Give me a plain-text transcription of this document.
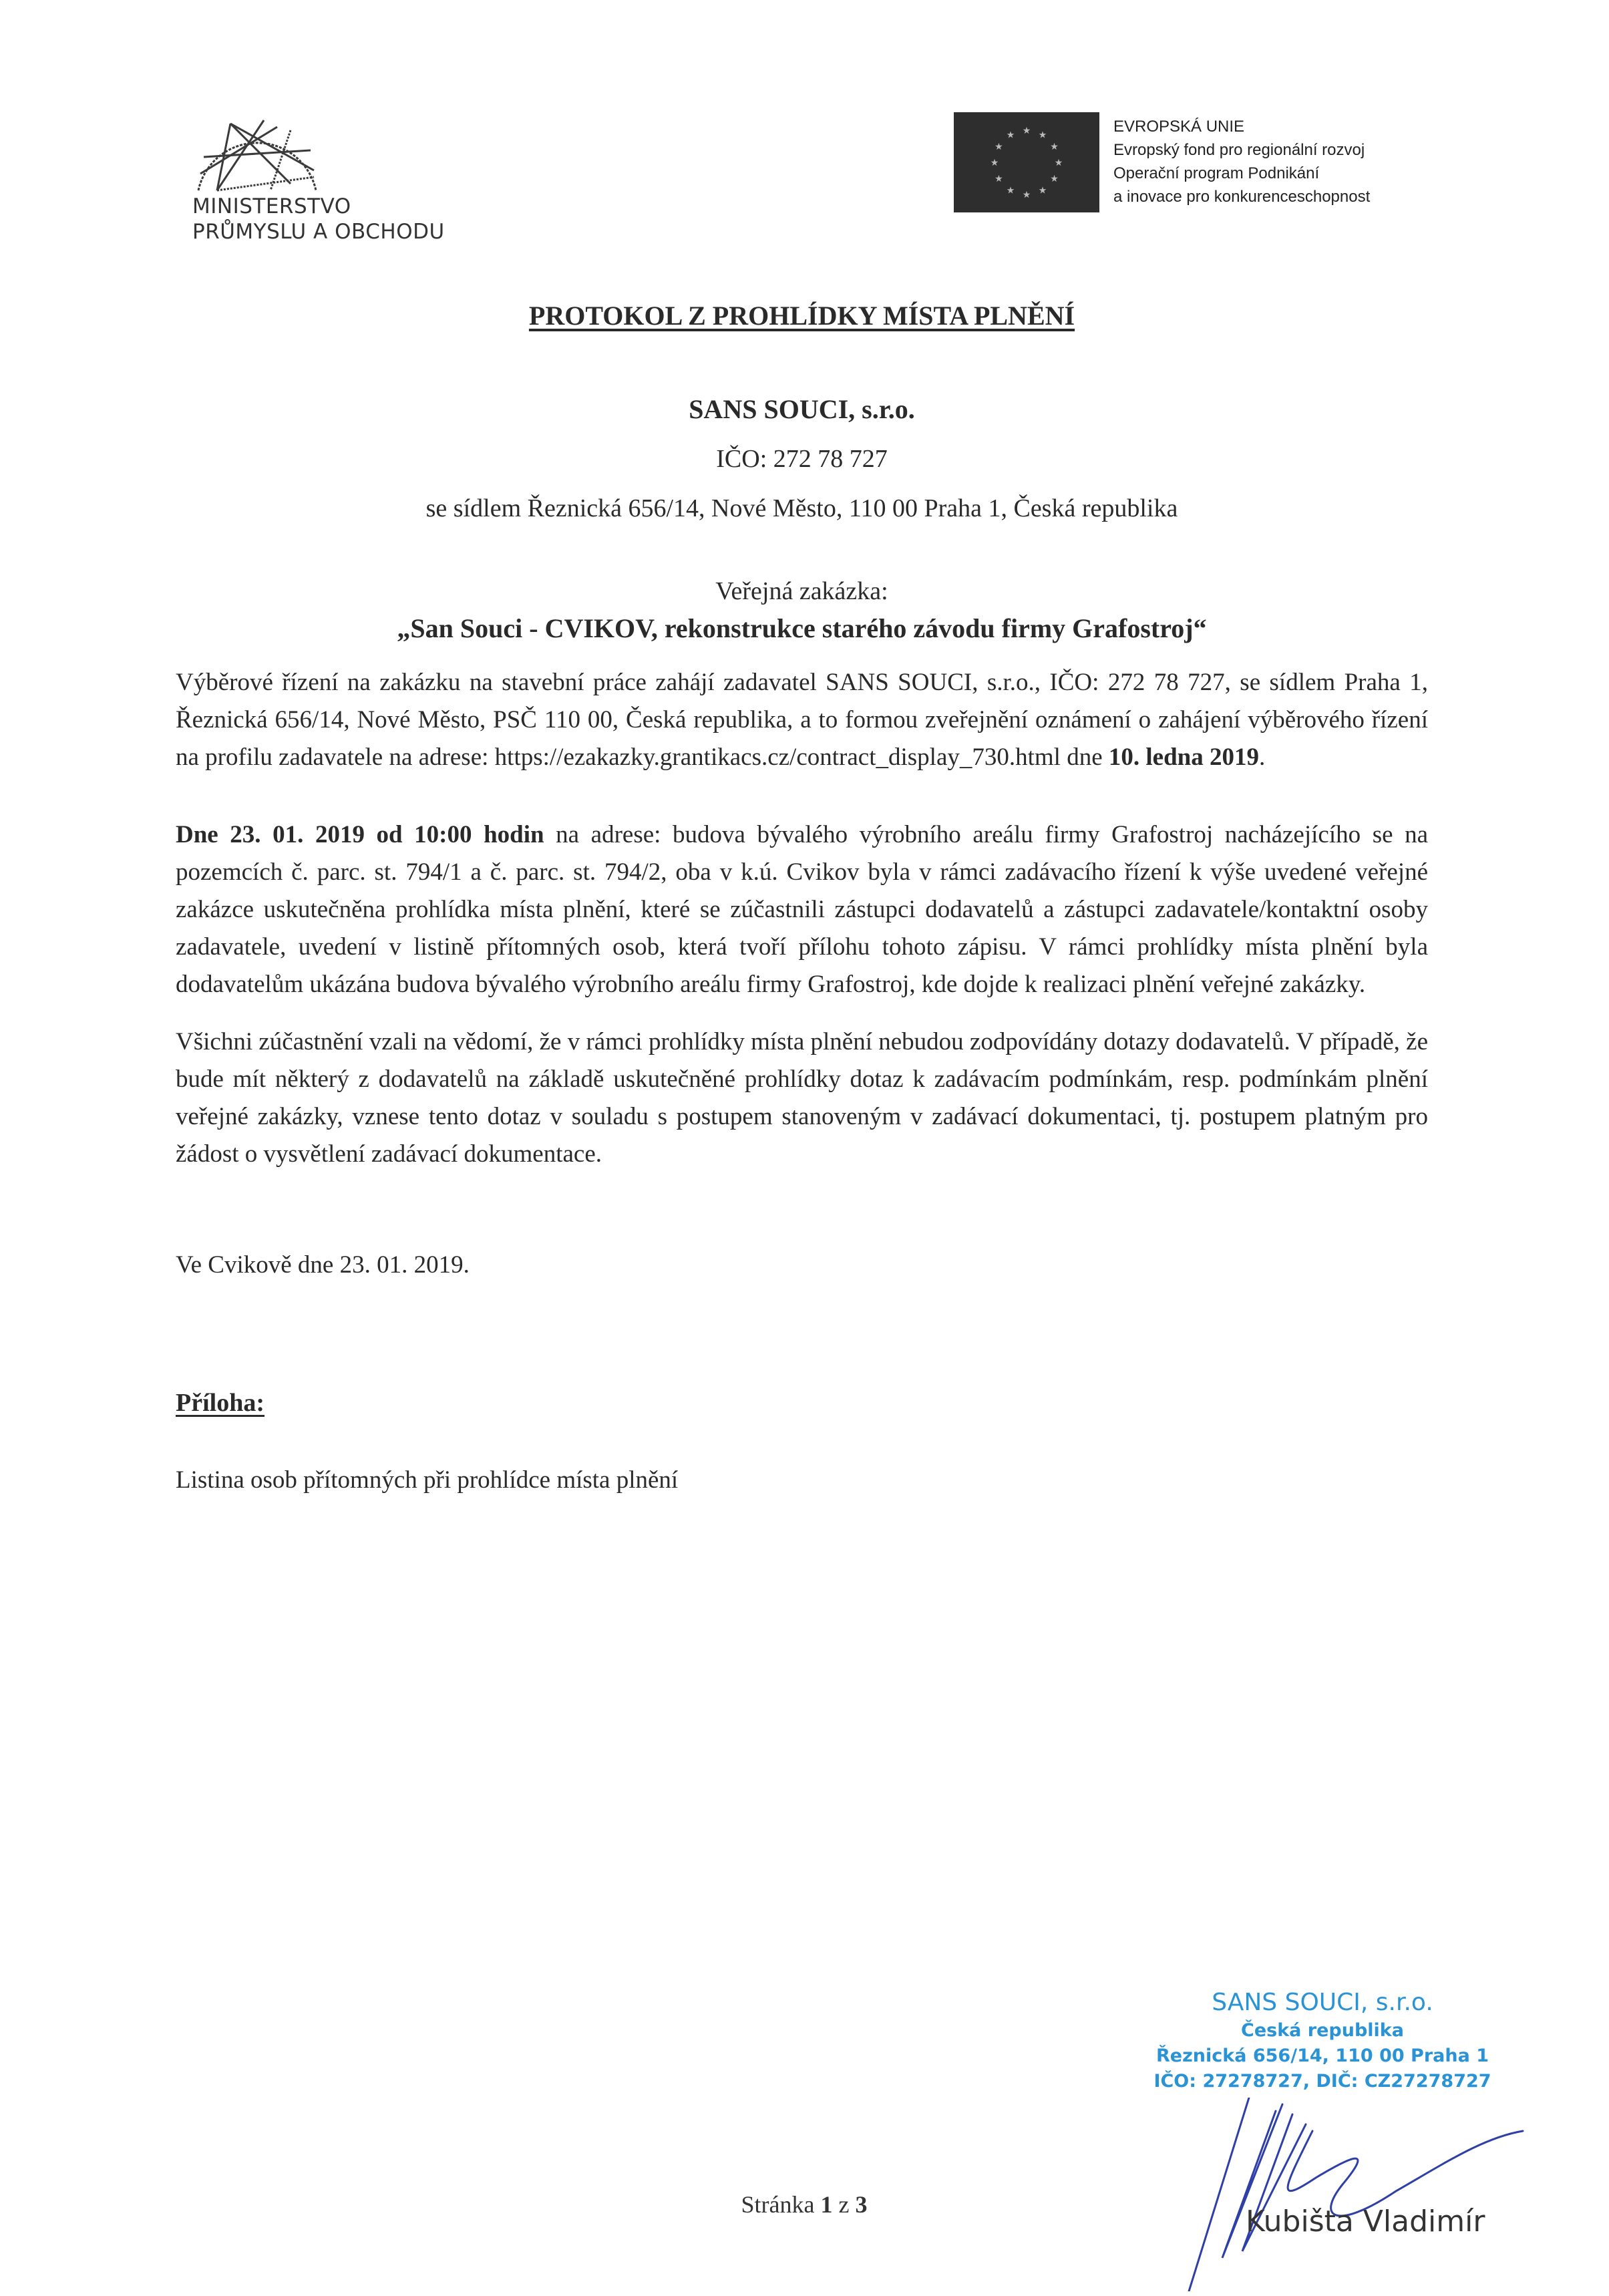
MINISTERSTVO
PRŮMYSLU A OBCHODU
★ ★
★
★
★
★
★
★
★
★
★
★	EVROPSKÁ UNIE
Evropský fond pro regionální rozvoj
Operační program Podnikání
a inovace pro konkurenceschopnost
PROTOKOL Z PROHLÍDKY MÍSTA PLNĚNÍ
SANS SOUCI, s.r.o.
IČO: 272 78 727
se sídlem Řeznická 656/14, Nové Město, 110 00 Praha 1, Česká republika
Veřejná zakázka:
„San Souci - CVIKOV, rekonstrukce starého závodu firmy Grafostroj“
Výběrové řízení na zakázku na stavební práce zahájí zadavatel SANS SOUCI, s.r.o., IČO: 272 78 727, se sídlem Praha 1, Řeznická 656/14, Nové Město, PSČ 110 00, Česká republika, a to formou zveřejnění oznámení o zahájení výběrového řízení na profilu zadavatele na adrese: https://ezakazky.grantikacs.cz/contract_display_730.html dne 10. ledna 2019.
Dne 23. 01. 2019 od 10:00 hodin na adrese: budova bývalého výrobního areálu firmy Grafostroj nacházejícího se na pozemcích č. parc. st. 794/1 a č. parc. st. 794/2, oba v k.ú. Cvikov byla v rámci zadávacího řízení k výše uvedené veřejné zakázce uskutečněna prohlídka místa plnění, které se zúčastnili zástupci dodavatelů a zástupci zadavatele/kontaktní osoby zadavatele, uvedení v listině přítomných osob, která tvoří přílohu tohoto zápisu. V rámci prohlídky místa plnění byla dodavatelům ukázána budova bývalého výrobního areálu firmy Grafostroj, kde dojde k realizaci plnění veřejné zakázky.
Všichni zúčastnění vzali na vědomí, že v rámci prohlídky místa plnění nebudou zodpovídány dotazy dodavatelů. V případě, že bude mít některý z dodavatelů na základě uskutečněné prohlídky dotaz k zadávacím podmínkám, resp. podmínkám plnění veřejné zakázky, vznese tento dotaz v souladu s postupem stanoveným v zadávací dokumentaci, tj. postupem platným pro žádost o vysvětlení zadávací dokumentace.
Ve Cvikově dne 23. 01. 2019.
Příloha:
Listina osob přítomných při prohlídce místa plnění
SANS SOUCI, s.r.o.
Česká republika
Řeznická 656/14, 110 00 Praha 1
IČO: 27278727, DIČ: CZ27278727
Kubišta Vladimír
Stránka 1 z 3
